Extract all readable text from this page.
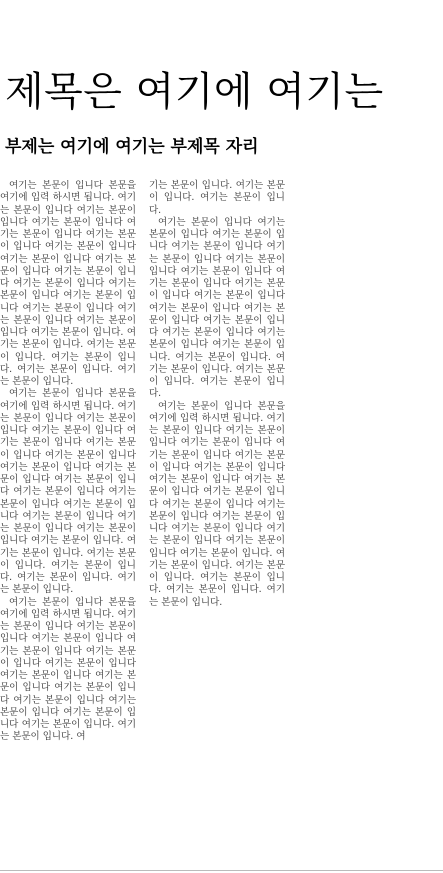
제목은 여기에 여기는
부제는 여기에 여기는 부제목 자리

여기는 본문이 입니다 본문을 여기에 입력 하시면 됩니다. 여기는 본문이 입니다 여기는 본문이 입니다 여기는 본문이 입니다 여기는 본문이 입니다 여기는 본문이 입니다 여기는 본문이 입니다 여기는 본문이 입니다 여기는 본문이 입니다 여기는 본문이 입니다 여기는 본문이 입니다 여기는 본문이 입니다 여기는 본문이 입니다 여기는 본문이 입니다 여기는 본문이 입니다 여기는 본문이 입니다 여기는 본문이 입니다. 여기는 본문이 입니다. 여기는 본문이 입니다. 여기는 본문이 입니다. 여기는 본문이 입니다. 여기는 본문이 입니다.

여기는 본문이 입니다 본문을 여기에 입력 하시면 됩니다. 여기는 본문이 입니다 여기는 본문이 입니다 여기는 본문이 입니다 여기는 본문이 입니다 여기는 본문이 입니다 여기는 본문이 입니다 여기는 본문이 입니다 여기는 본문이 입니다 여기는 본문이 입니다 여기는 본문이 입니다 여기는 본문이 입니다 여기는 본문이 입니다 여기는 본문이 입니다 여기는 본문이 입니다 여기는 본문이 입니다 여기는 본문이 입니다. 여기는 본문이 입니다. 여기는 본문이 입니다. 여기는 본문이 입니다. 여기는 본문이 입니다. 여기는 본문이 입니다.

여기는 본문이 입니다 본문을 여기에 입력 하시면 됩니다. 여기는 본문이 입니다 여기는 본문이 입니다 여기는 본문이 입니다 여기는 본문이 입니다 여기는 본문이 입니다 여기는 본문이 입니다 여기는 본문이 입니다 여기는 본문이 입니다 여기는 본문이 입니다 여기는 본문이 입니다 여기는 본문이 입니다 여기는 본문이 입니다 여기는 본문이 입니다. 여기는 본문이 입니다. 여

기는 본문이 입니다. 여기는 본문이 입니다. 여기는 본문이 입니다.

여기는 본문이 입니다 여기는 본문이 입니다 여기는 본문이 입니다 여기는 본문이 입니다 여기는 본문이 입니다 여기는 본문이 입니다 여기는 본문이 입니다 여기는 본문이 입니다 여기는 본문이 입니다 여기는 본문이 입니다 여기는 본문이 입니다 여기는 본문이 입니다 여기는 본문이 입니다 여기는 본문이 입니다 여기는 본문이 입니다 여기는 본문이 입니다. 여기는 본문이 입니다. 여기는 본문이 입니다. 여기는 본문이 입니다. 여기는 본문이 입니다.

여기는 본문이 입니다 본문을 여기에 입력 하시면 됩니다. 여기는 본문이 입니다 여기는 본문이 입니다 여기는 본문이 입니다 여기는 본문이 입니다 여기는 본문이 입니다 여기는 본문이 입니다 여기는 본문이 입니다 여기는 본문이 입니다 여기는 본문이 입니다 여기는 본문이 입니다 여기는 본문이 입니다 여기는 본문이 입니다 여기는 본문이 입니다 여기는 본문이 입니다 여기는 본문이 입니다 여기는 본문이 입니다. 여기는 본문이 입니다. 여기는 본문이 입니다. 여기는 본문이 입니다. 여기는 본문이 입니다. 여기는 본문이 입니다.
